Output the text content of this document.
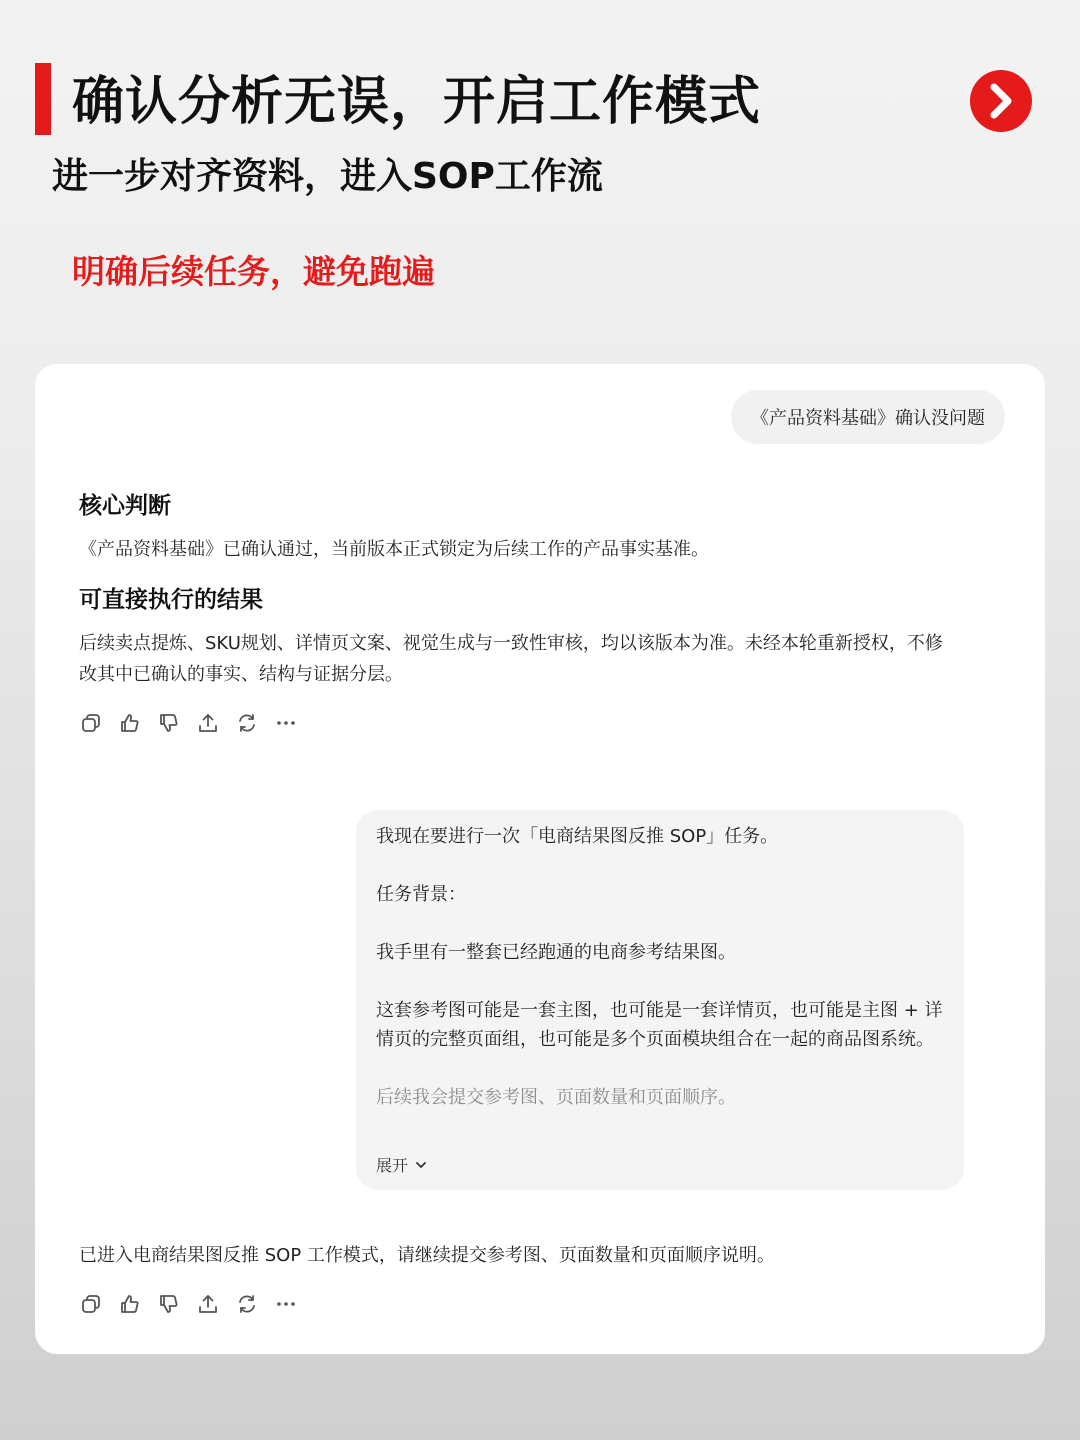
确认分析无误，开启工作模式
进一步对齐资料，进入SOP工作流
明确后续任务，避免跑遍
《产品资料基础》确认没问题

核心判断

《产品资料基础》已确认通过，当前版本正式锁定为后续工作的产品事实基准。

可直接执行的结果

后续卖点提炼、SKU规划、详情页文案、视觉生成与一致性审核，均以该版本为准。未经本轮重新授权，不修

改其中已确认的事实、结构与证据分层。

我现在要进行一次「电商结果图反推 SOP」任务。

任务背景：

我手里有一整套已经跑通的电商参考结果图。

这套参考图可能是一套主图，也可能是一套详情页，也可能是主图 + 详

情页的完整页面组，也可能是多个页面模块组合在一起的商品图系统。

后续我会提交参考图、页面数量和页面顺序。

展开

已进入电商结果图反推 SOP 工作模式，请继续提交参考图、页面数量和页面顺序说明。
